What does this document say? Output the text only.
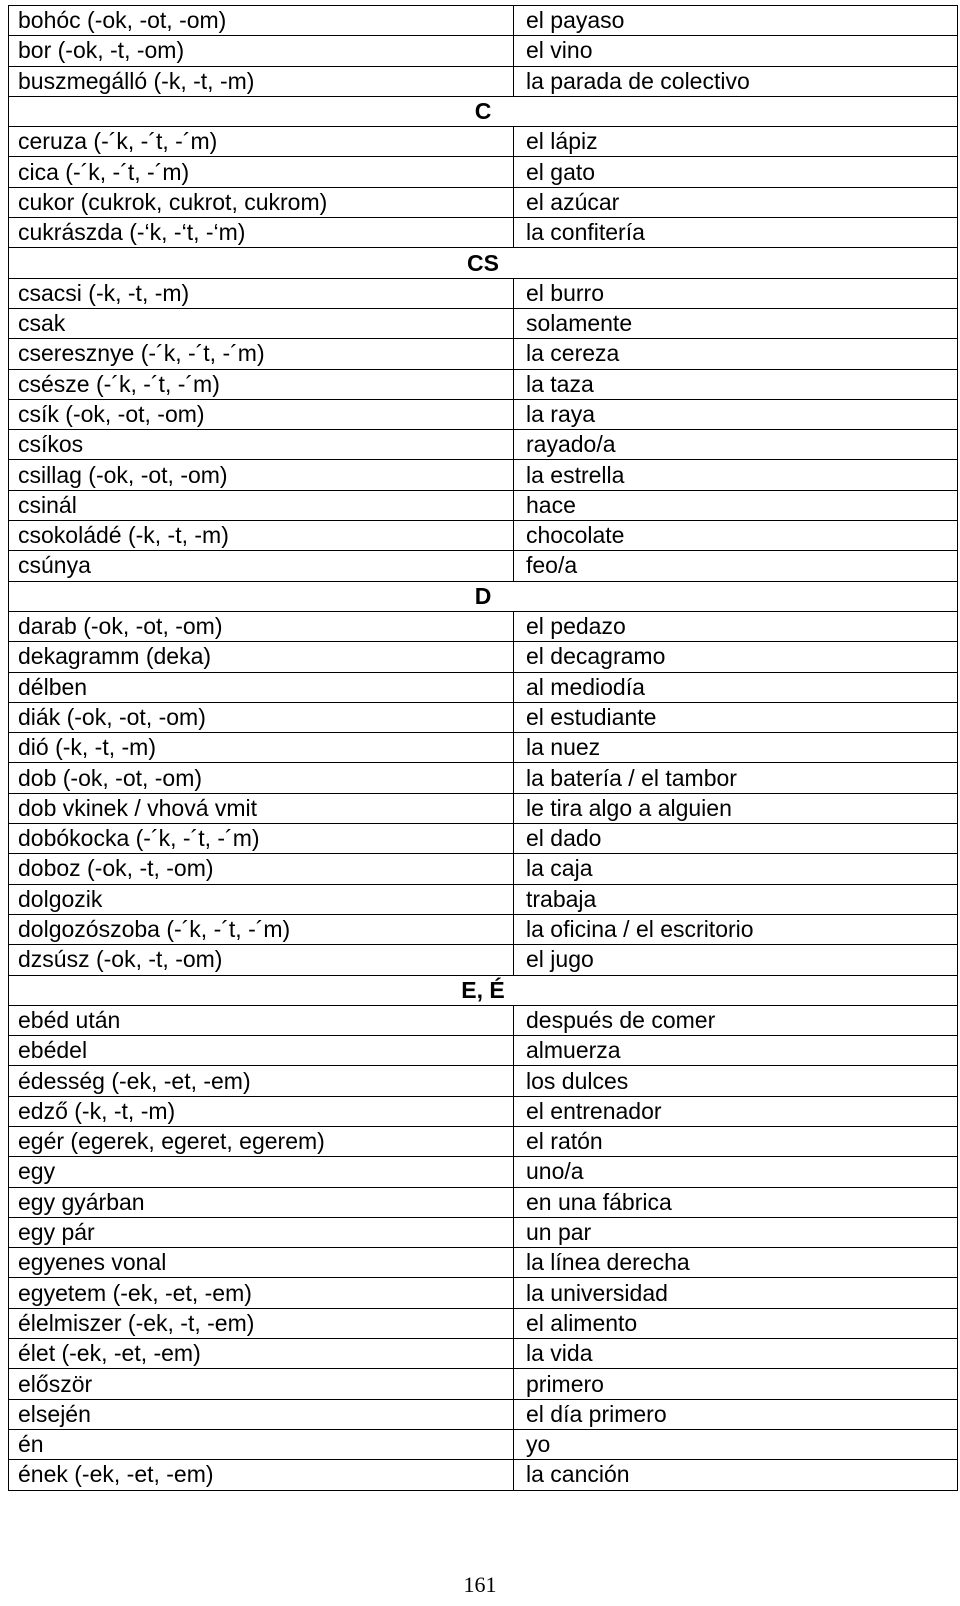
bohóc (-ok, -ot, -om)	el payaso
bor (-ok, -t, -om)	el vino
buszmegálló (-k, -t, -m)	la parada de colectivo
C	
ceruza (-´k, -´t, -´m)	el lápiz
cica (-´k, -´t, -´m)	el gato
cukor (cukrok, cukrot, cukrom)	el azúcar
cukrászda (-‘k, -‘t, -‘m)	la confitería
CS	
csacsi (-k, -t, -m)	el burro
csak	solamente
cseresznye (-´k, -´t, -´m)	la cereza
csésze (-´k, -´t, -´m)	la taza
csík (-ok, -ot, -om)	la raya
csíkos	rayado/a
csillag (-ok, -ot, -om)	la estrella
csinál	hace
csokoládé (-k, -t, -m)	chocolate
csúnya	feo/a
D	
darab (-ok, -ot, -om)	el pedazo
dekagramm (deka)	el decagramo
délben	al mediodía
diák (-ok, -ot, -om)	el estudiante
dió (-k, -t, -m)	la nuez
dob (-ok, -ot, -om)	la batería / el tambor
dob vkinek / vhová vmit	le tira algo a alguien
dobókocka (-´k, -´t, -´m)	el dado
doboz (-ok, -t, -om)	la caja
dolgozik	trabaja
dolgozószoba (-´k, -´t, -´m)	la oficina / el escritorio
dzsúsz (-ok, -t, -om)	el jugo
E, É	
ebéd után	después de comer
ebédel	almuerza
édesség (-ek, -et, -em)	los dulces
edző (-k, -t, -m)	el entrenador
egér (egerek, egeret, egerem)	el ratón
egy	uno/a
egy gyárban	en una fábrica
egy pár	un par
egyenes vonal	la línea derecha
egyetem (-ek, -et, -em)	la universidad
élelmiszer (-ek, -t, -em)	el alimento
élet (-ek, -et, -em)	la vida
először	primero
elsején	el día primero
én	yo
ének (-ek, -et, -em)	la canción
161
